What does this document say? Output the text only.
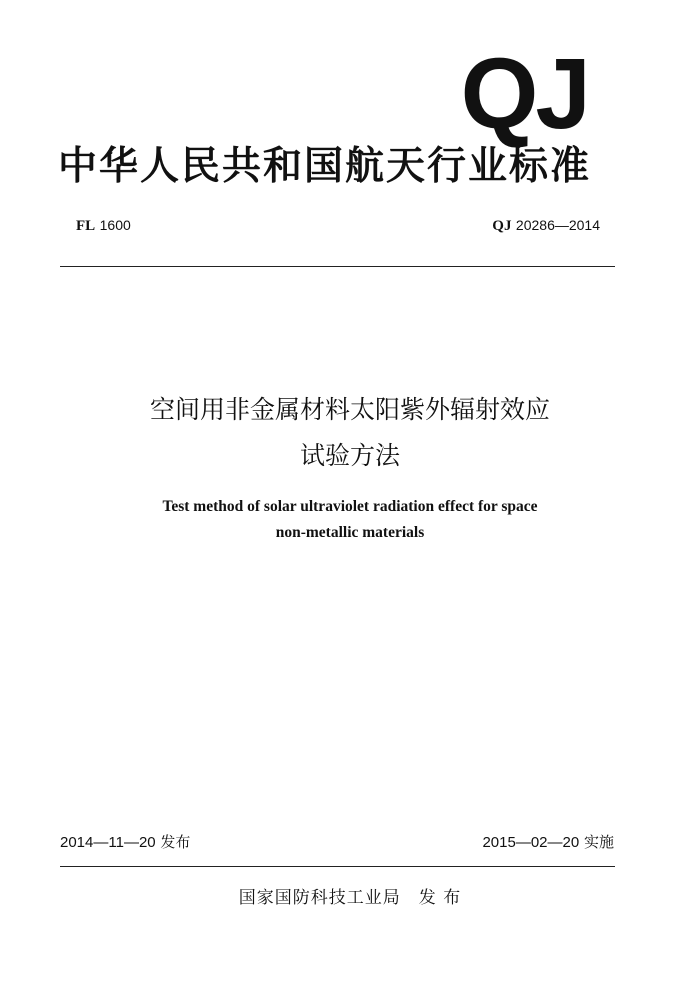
QJ
中华人民共和国航天行业标准
FL 1600	QJ 20286—2014
空间用非金属材料太阳紫外辐射效应
试验方法
Test method of solar ultraviolet radiation effect for space
non-metallic materials
2014—11—20 发布	2015—02—20 实施
国家国防科技工业局 发 布
